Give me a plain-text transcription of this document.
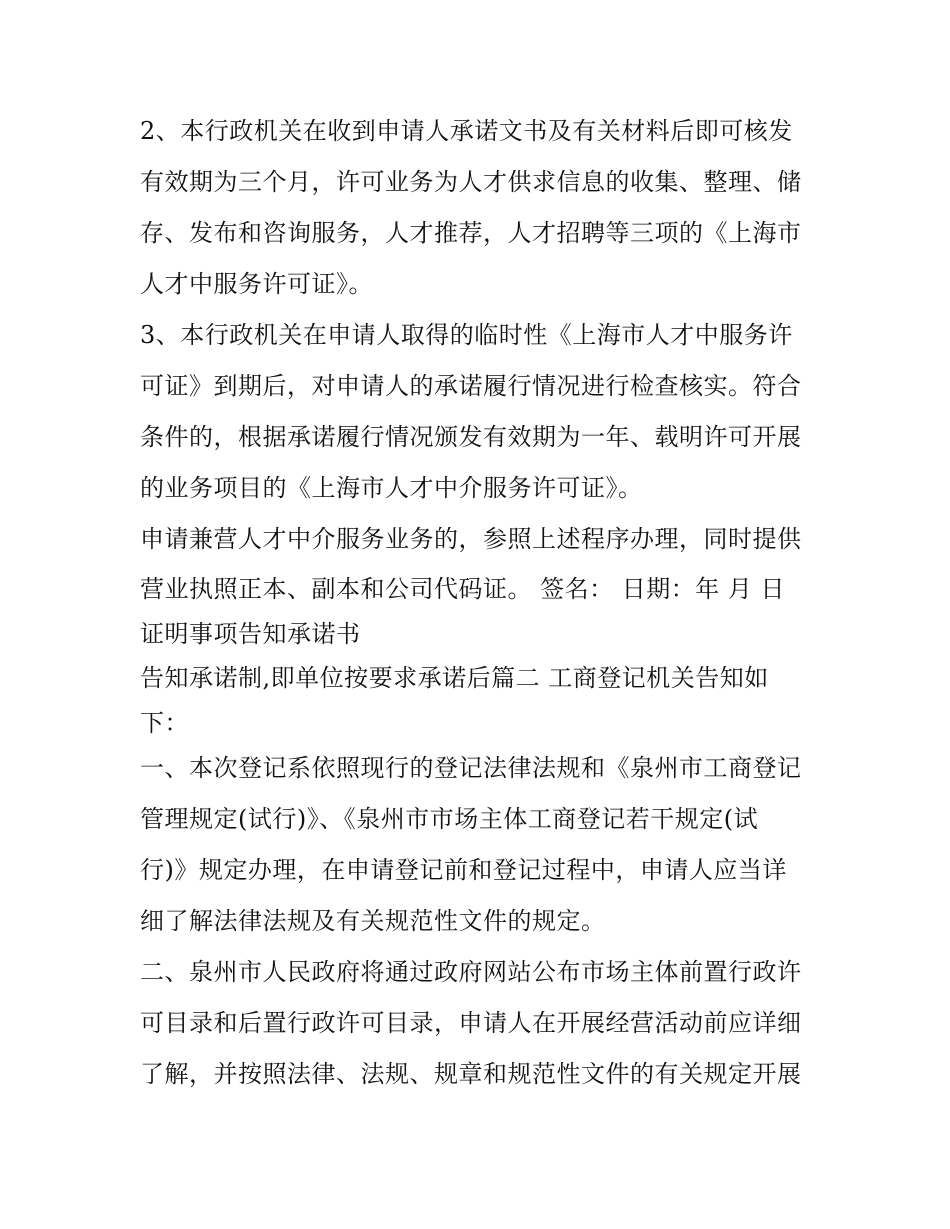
2、本行政机关在收到申请人承诺文书及有关材料后即可核发

有效期为三个月，许可业务为人才供求信息的收集、整理、储

存、发布和咨询服务，人才推荐，人才招聘等三项的《上海市

人才中服务许可证》。

3、本行政机关在申请人取得的临时性《上海市人才中服务许

可证》到期后，对申请人的承诺履行情况进行检查核实。符合

条件的，根据承诺履行情况颁发有效期为一年、载明许可开展

的业务项目的《上海市人才中介服务许可证》。

申请兼营人才中介服务业务的，参照上述程序办理，同时提供

营业执照正本、副本和公司代码证。 签名： 日期：年 月 日

证明事项告知承诺书

告知承诺制,即单位按要求承诺后篇二 工商登记机关告知如

下：

一、本次登记系依照现行的登记法律法规和《泉州市工商登记

管理规定(试行)》、《泉州市市场主体工商登记若干规定(试

行)》规定办理，在申请登记前和登记过程中，申请人应当详

细了解法律法规及有关规范性文件的规定。

二、泉州市人民政府将通过政府网站公布市场主体前置行政许

可目录和后置行政许可目录，申请人在开展经营活动前应详细

了解，并按照法律、法规、规章和规范性文件的有关规定开展
